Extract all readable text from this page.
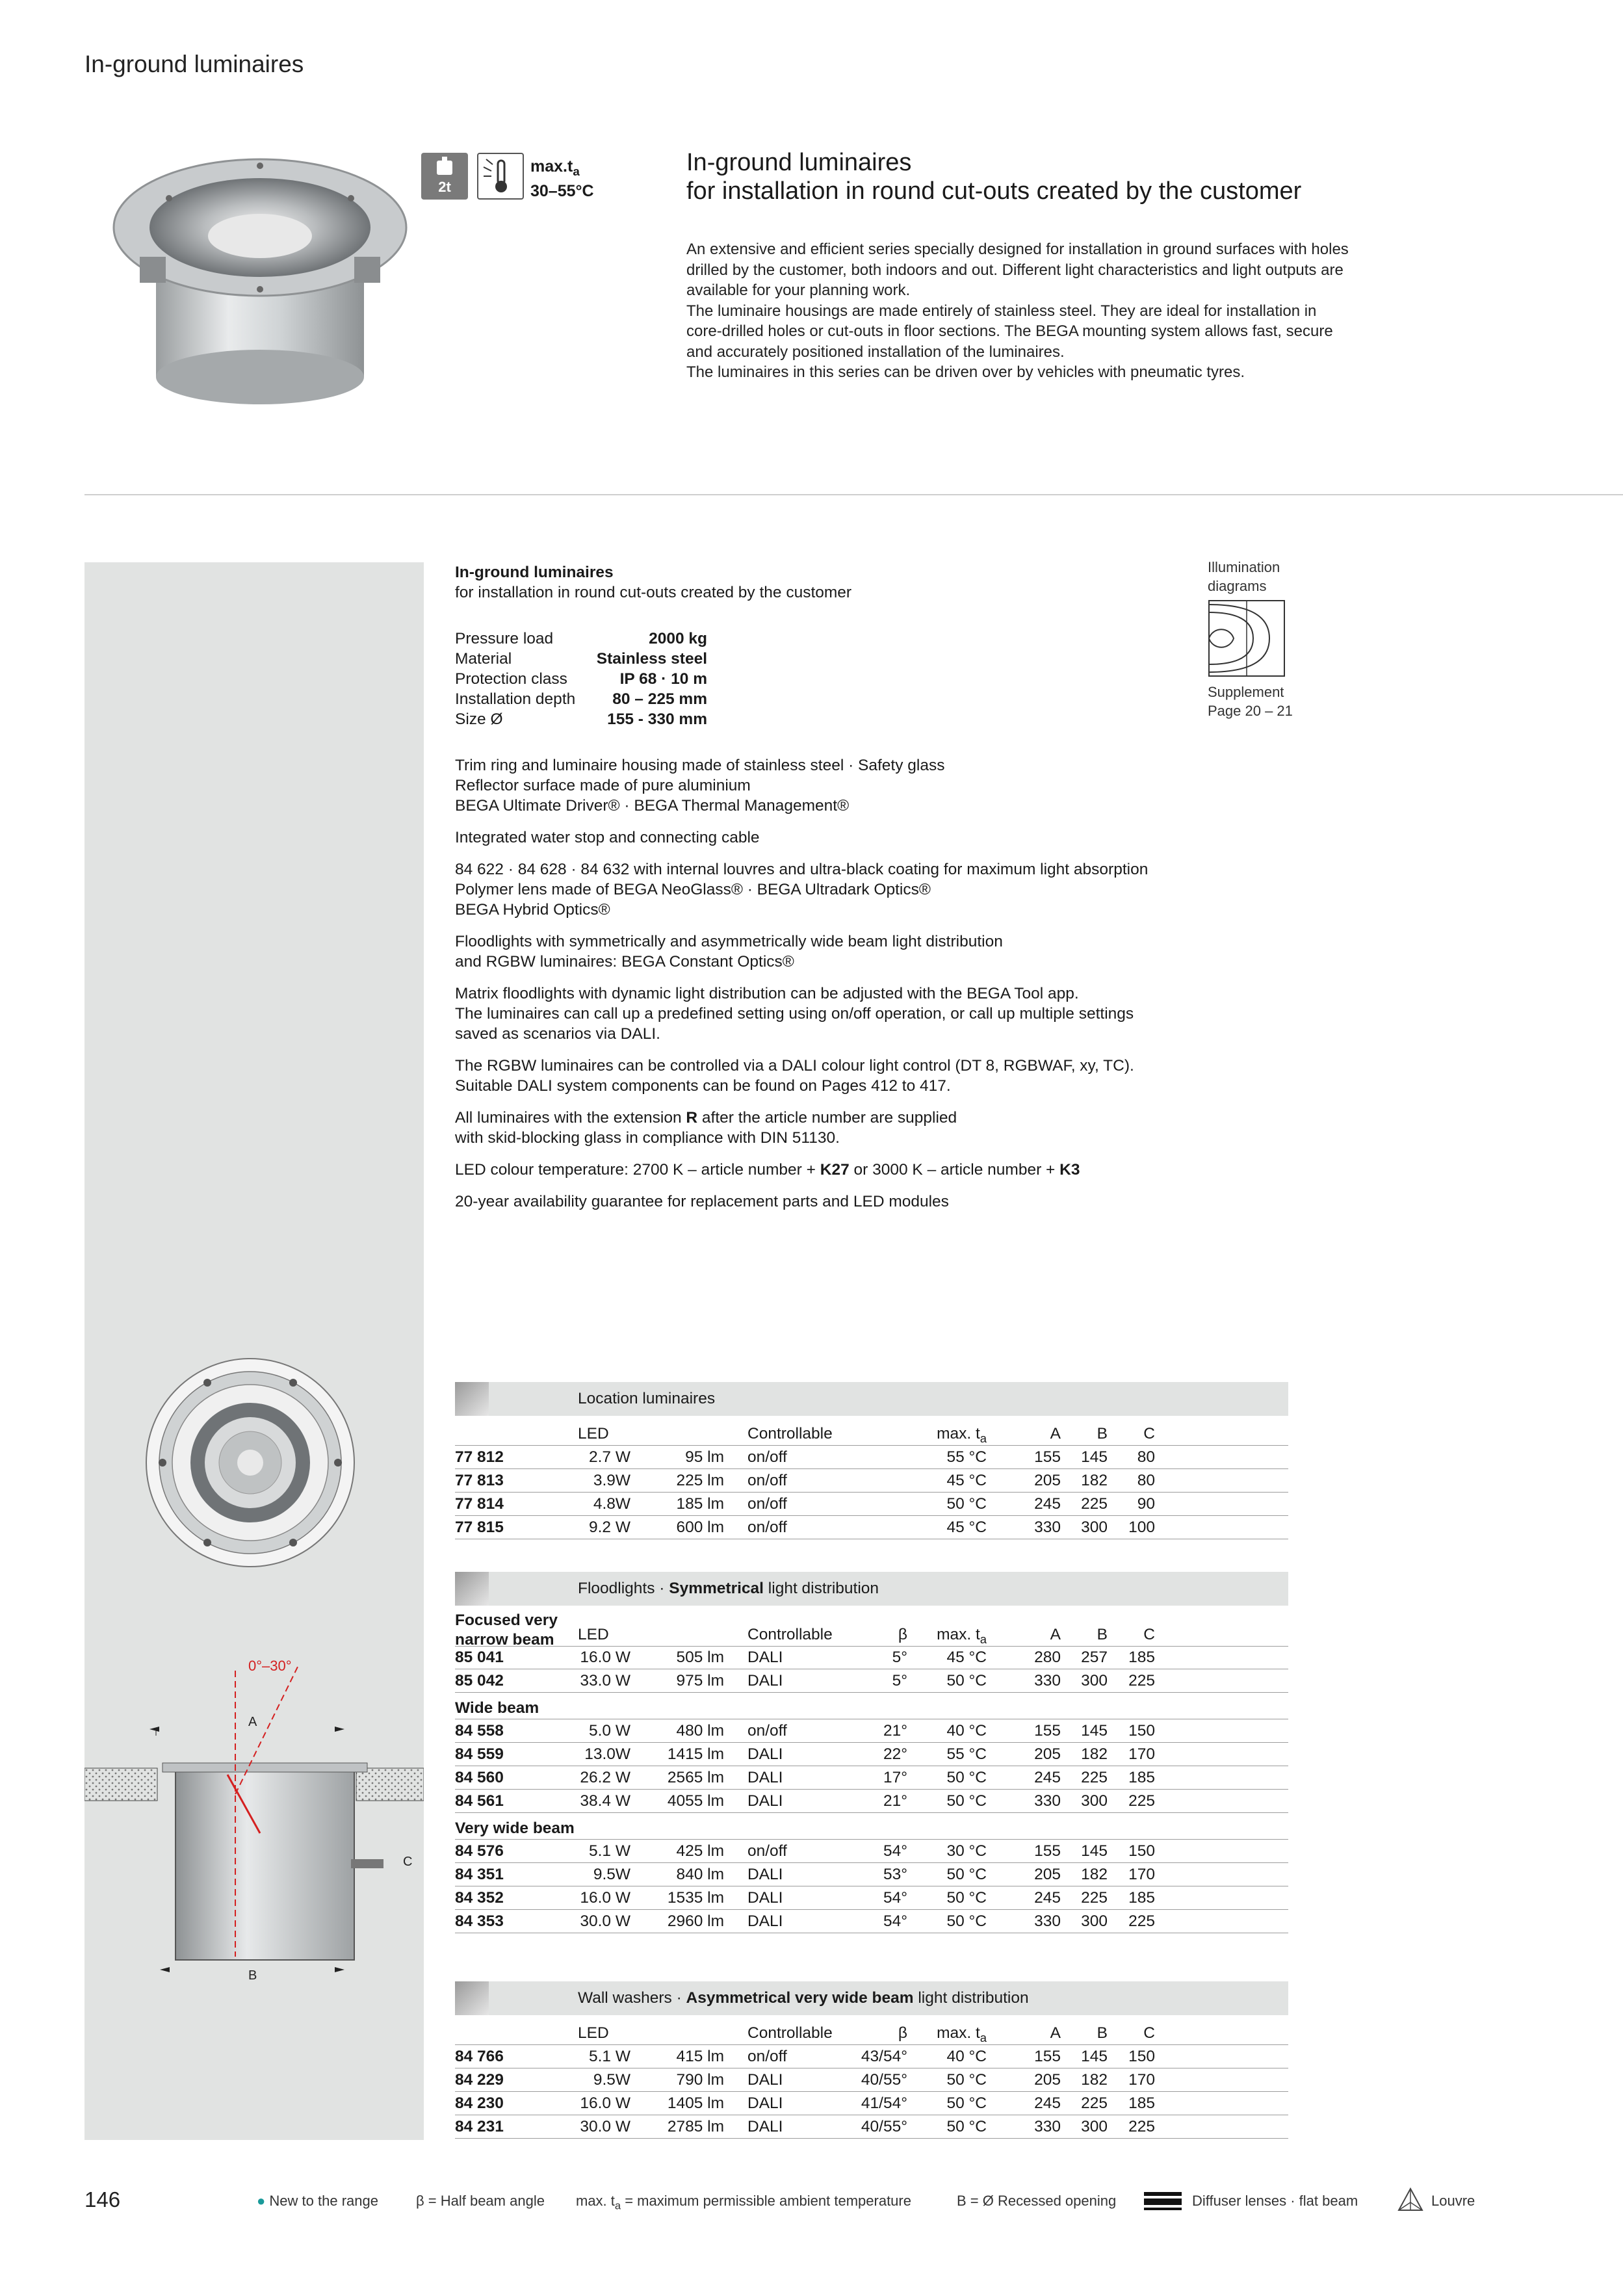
In-ground luminaires
2t
$\max.t_a$
30–55°C
In-ground luminaires
for installation in round cut-outs created by the customer

An extensive and efficient series specially designed for installation in ground surfaces with holes

drilled by the customer, both indoors and out. Different light characteristics and light outputs are

available for your planning work.

The luminaire housings are made entirely of stainless steel. They are ideal for installation in

core-drilled holes or cut-outs in floor sections. The BEGA mounting system allows fast, secure

and accurately positioned installation of the luminaires.

The luminaires in this series can be driven over by vehicles with pneumatic tyres.

In-ground luminaires

for installation in round cut-outs created by the customer

Pressure load	2000 kg
Material	Stainless steel
Protection class	IP 68 · 10 m
Installation depth 80 – 225 mm
Size Ø	155 - 330 mm

Trim ring and luminaire housing made of stainless steel · Safety glass

Reflector surface made of pure aluminium

BEGA Ultimate Driver® · BEGA Thermal Management®

Integrated water stop and connecting cable

84 622 · 84 628 · 84 632 with internal louvres and ultra-black coating for maximum light absorption

Polymer lens made of BEGA NeoGlass® · BEGA Ultradark Optics®

BEGA Hybrid Optics®

Floodlights with symmetrically and asymmetrically wide beam light distribution

and RGBW luminaires: BEGA Constant Optics®

Matrix floodlights with dynamic light distribution can be adjusted with the BEGA Tool app.

The luminaires can call up a predefined setting using on/off operation, or call up multiple settings

saved as scenarios via DALI.

The RGBW luminaires can be controlled via a DALI colour light control (DT 8, RGBWAF, xy, TC).

Suitable DALI system components can be found on Pages 412 to 417.

All luminaires with the extension R after the article number are supplied

with skid-blocking glass in compliance with DIN 51130.

LED colour temperature: 2700 K – article number + K27 or 3000 K – article number + K3

20-year availability guarantee for replacement parts and LED modules

Illumination
diagrams
Supplement
Page 20 – 21
0°–30°
A
C
B
Location luminaires
LED	Controllable	max. $t_a$	A	B	C
77 812	2.7 W	95 lm on/off	55 °C	155	145	80
77 813	3.9W	225 lm on/off	45 °C	205	182	80
77 814	4.8W	185 lm on/off	50 °C	245	225	90
77 815	9.2 W	600 lm on/off	45 °C	330	300	100
Floodlights · Symmetrical light distribution
Focused very
narrow beam LED	Controllable	β	max. $t_a$	A	B	C
85 041	16.0 W	505 lm DALI	5°	45 °C	280	257	185
85 042	33.0 W	975 lm DALI	5°	50 °C	330	300	225
Wide beam
84 558	5.0 W	480 lm on/off	21°	40 °C	155	145	150
84 559	13.0W	1415 lm DALI	22°	55 °C	205	182	170
84 560	26.2 W	2565 lm DALI	17°	50 °C	245	225	185
84 561	38.4 W	4055 lm DALI	21°	50 °C	330	300	225
Very wide beam
84 576	5.1 W	425 lm on/off	54°	30 °C	155	145	150
84 351	9.5W	840 lm DALI	53°	50 °C	205	182	170
84 352	16.0 W	1535 lm DALI	54°	50 °C	245	225	185
84 353	30.0 W	2960 lm DALI	54°	50 °C	330	300	225
Wall washers · Asymmetrical very wide beam light distribution
LED	Controllable	β	max. $t_a$	A	B	C
84 766	5.1 W	415 lm on/off	43/54°	40 °C	155	145	150
84 229	9.5W	790 lm DALI	40/55°	50 °C	205	182	170
84 230	16.0 W	1405 lm DALI	41/54°	50 °C	245	225	185
84 231	30.0 W	2785 lm DALI	40/55°	50 °C	330	300	225
146	● New to the range	β = Half beam angle max. $t_a$ = maximum permissible ambient temperature	B = Ø Recessed opening	Diffuser lenses · flat beam	Louvre
